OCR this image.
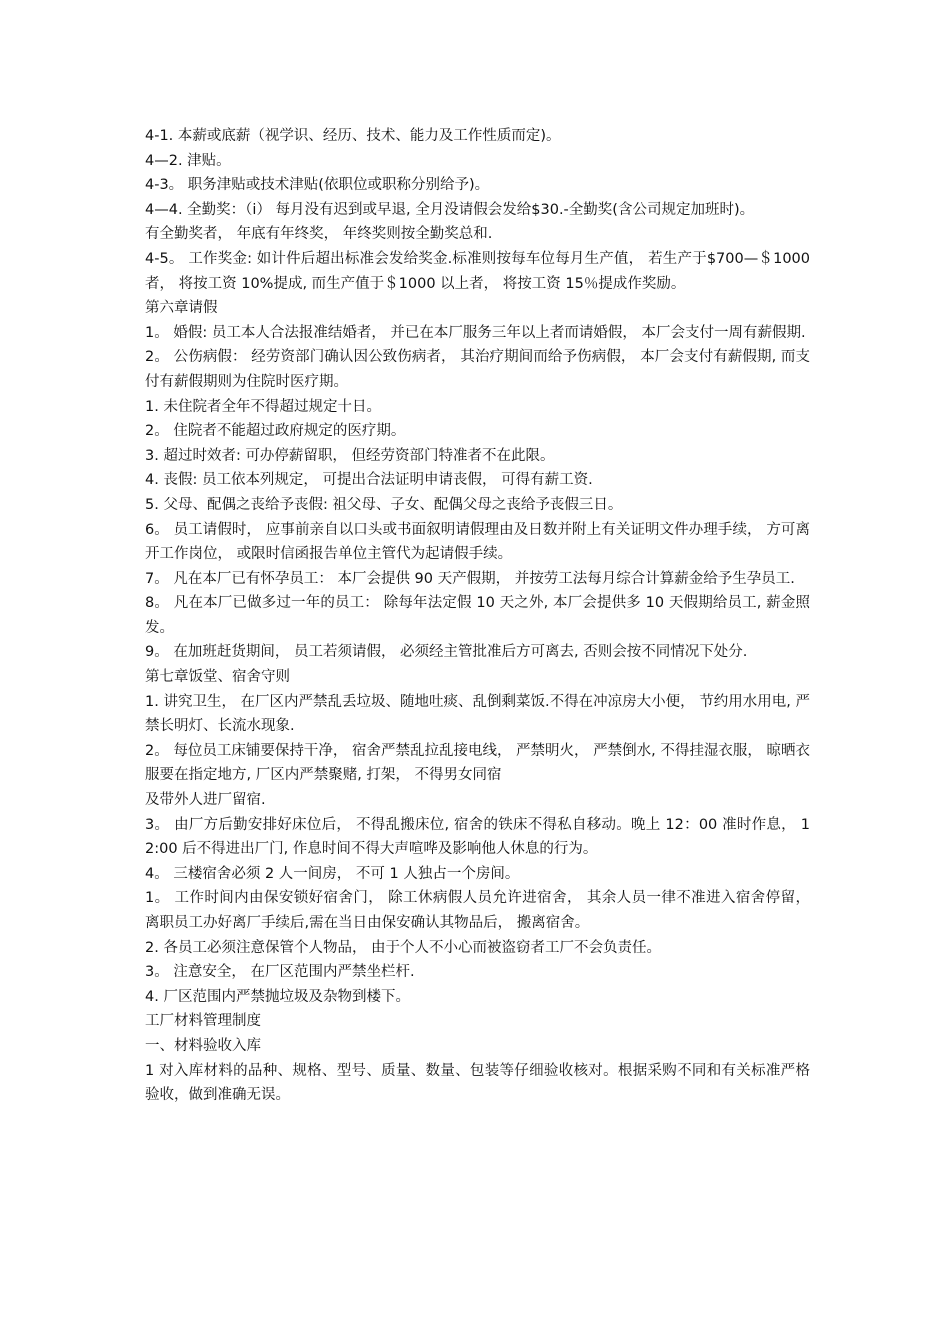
4-1. 本薪或底薪（视学识、经历、技术、能力及工作性质而定)。

4—2. 津贴。

4-3。 职务津贴或技术津贴(依职位或职称分别给予)。

4—4. 全勤奖：（i） 每月没有迟到或早退, 全月没请假会发给$30.-全勤奖(含公司规定加班时)。

有全勤奖者， 年底有年终奖， 年终奖则按全勤奖总和.

4-5。 工作奖金: 如计件后超出标准会发给奖金.标准则按每车位每月生产值， 若生产于$700—＄1000 者， 将按工资 10%提成, 而生产值于＄1000 以上者， 将按工资 15％提成作奖励。

第六章请假

1。 婚假: 员工本人合法报准结婚者， 并已在本厂服务三年以上者而请婚假， 本厂会支付一周有薪假期.

2。 公伤病假： 经劳资部门确认因公致伤病者， 其治疗期间而给予伤病假， 本厂会支付有薪假期, 而支付有薪假期则为住院时医疗期。

1. 未住院者全年不得超过规定十日。

2。 住院者不能超过政府规定的医疗期。

3. 超过时效者: 可办停薪留职， 但经劳资部门特准者不在此限。

4. 丧假: 员工依本列规定， 可提出合法证明申请丧假， 可得有薪工资.

5. 父母、配偶之丧给予丧假: 祖父母、子女、配偶父母之丧给予丧假三日。

6。 员工请假时， 应事前亲自以口头或书面叙明请假理由及日数并附上有关证明文件办理手续， 方可离开工作岗位， 或限时信函报告单位主管代为起请假手续。

7。 凡在本厂已有怀孕员工： 本厂会提供 90 天产假期， 并按劳工法每月综合计算薪金给予生孕员工.

8。 凡在本厂已做多过一年的员工： 除每年法定假 10 天之外, 本厂会提供多 10 天假期给员工, 薪金照发。

9。 在加班赶货期间， 员工若须请假， 必须经主管批准后方可离去, 否则会按不同情况下处分.

第七章饭堂、宿舍守则

1. 讲究卫生， 在厂区内严禁乱丢垃圾、随地吐痰、乱倒剩菜饭.不得在冲凉房大小便， 节约用水用电, 严禁长明灯、长流水现象.

2。 每位员工床铺要保持干净， 宿舍严禁乱拉乱接电线， 严禁明火， 严禁倒水, 不得挂湿衣服， 晾晒衣服要在指定地方, 厂区内严禁聚赌, 打架， 不得男女同宿

及带外人进厂留宿.

3。 由厂方后勤安排好床位后， 不得乱搬床位, 宿舍的铁床不得私自移动。晚上 12：00 准时作息， 12:00 后不得进出厂门, 作息时间不得大声喧哗及影响他人休息的行为。

4。 三楼宿舍必须 2 人一间房， 不可 1 人独占一个房间。

1。 工作时间内由保安锁好宿舍门， 除工休病假人员允许进宿舍， 其余人员一律不准进入宿舍停留， 离职员工办好离厂手续后,需在当日由保安确认其物品后， 搬离宿舍。

2. 各员工必须注意保管个人物品， 由于个人不小心而被盗窃者工厂不会负责任。

3。 注意安全， 在厂区范围内严禁坐栏杆.

4. 厂区范围内严禁抛垃圾及杂物到楼下。

工厂材料管理制度

一、材料验收入库

1 对入库材料的品种、规格、型号、质量、数量、包装等仔细验收核对。根据采购不同和有关标准严格验收，做到准确无误。
